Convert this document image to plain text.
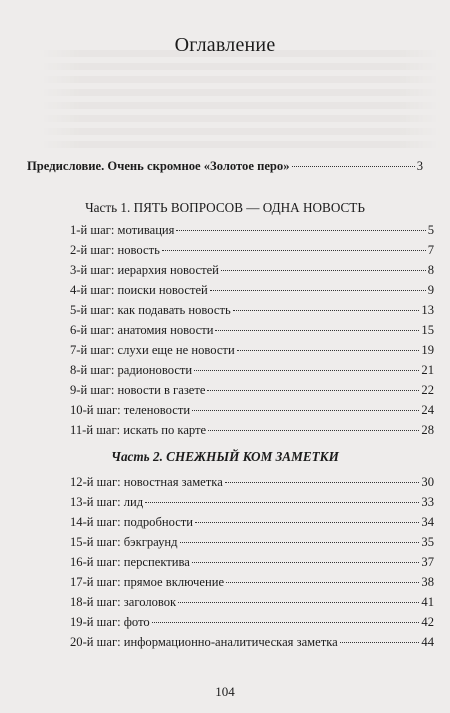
Оглавление
Предисловие. Очень скромное «Золотое перо»	3
Часть 1. ПЯТЬ ВОПРОСОВ — ОДНА НОВОСТЬ
1-й шаг: мотивация	5
2-й шаг: новость	7
3-й шаг: иерархия новостей	8
4-й шаг: поиски новостей	9
5-й шаг: как подавать новость	13
6-й шаг: анатомия новости	15
7-й шаг: слухи еще не новости	19
8-й шаг: радионовости	21
9-й шаг: новости в газете	22
10-й шаг: теленовости	24
11-й шаг: искать по карте	28
Часть 2. СНЕЖНЫЙ КОМ ЗАМЕТКИ
12-й шаг: новостная заметка	30
13-й шаг: лид	33
14-й шаг: подробности	34
15-й шаг: бэкграунд	35
16-й шаг: перспектива	37
17-й шаг: прямое включение	38
18-й шаг: заголовок	41
19-й шаг: фото	42
20-й шаг: информационно-аналитическая заметка	44
104
